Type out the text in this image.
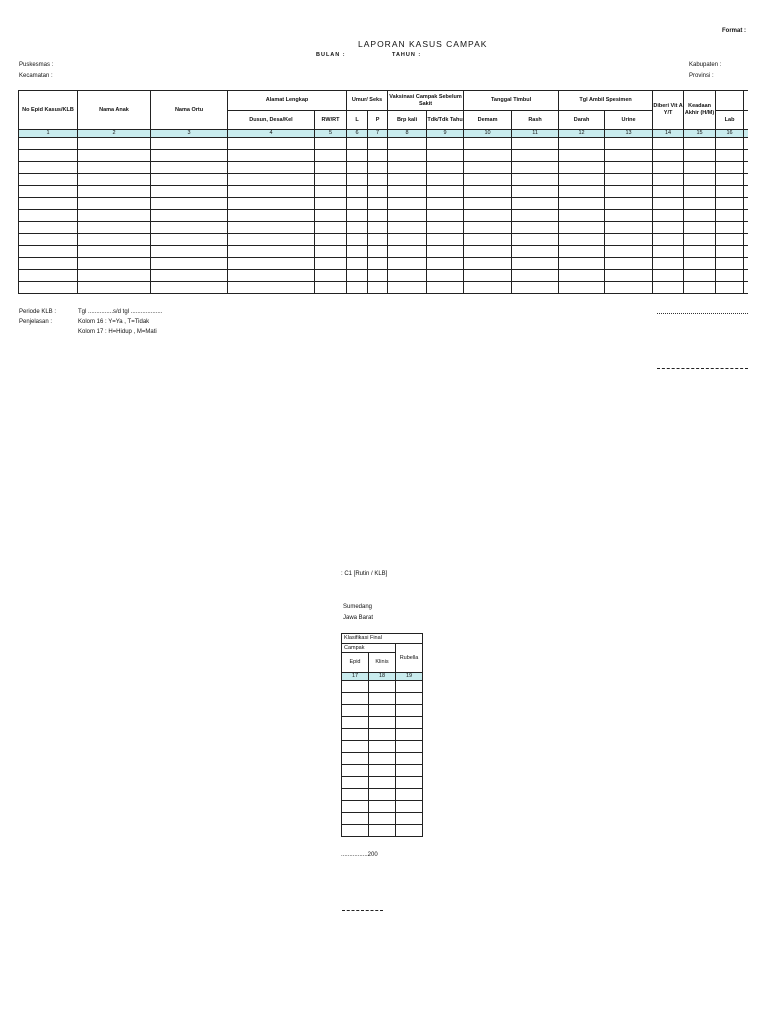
Format :
LAPORAN KASUS CAMPAK
BULAN :	TAHUN :
Puskesmas :
Kecamatan :
Kabupaten :
Provinsi :
No Epid Kasus/KLB	Nama Anak	Nama Ortu	Alamat Lengkap		Umur/ Seks		Vaksinasi Campak Sebelum Sakit		Tanggal Timbul		Tgl Ambil Spesimen		Diberi Vit A Y/T	Keadaan Akhir (H/M)		
			Dusun, Desa/Kel	RW/RT	L	P	Brp kali	Tdk/Tdk Tahu	Demam	Rash	Darah	Urine			Lab	
1	2	3	4	5	6	7	8	9	10	11	12	13	14	15	16	

Periode KLB :	Tgl ...............s/d tgl ...................
Penjelasan :	Kolom 16 : Y=Ya , T=Tidak
Kolom 17 : H=Hidup , M=Mati
: C1 [Rutin / KLB]
Sumedang
Jawa Barat
Klasifikasi Final		
Campak		Rubella
Epid	Klinis	
17	18	19

................200
